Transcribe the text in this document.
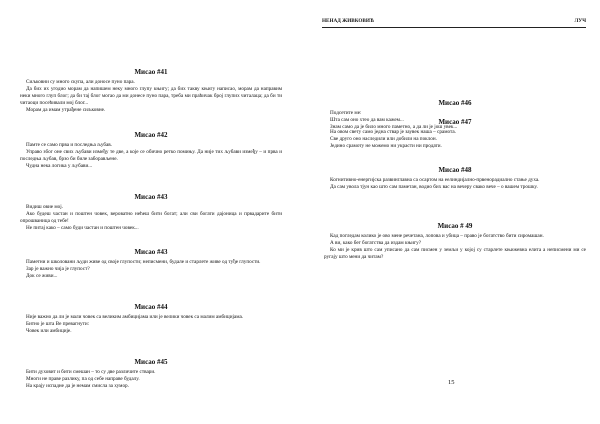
Мисао #41

Сиљковни су много скупа, али доносе пуно пара.

Да бих их угодио морам да напишем неку много глупу књигу; да бих такву књигу написао, морам да направим неки много глуп блог; да би тај блог могао да ми донесе пуно пара, треба ми праћичак број глупих читалаца; да би ти читаоци посећивали мој блог...

Морам да имам утрађене сиљковне.

Мисао #42

Памте се само прва и последња љубав.

Управо због оне свих љубави између те две, а које се обично ретко помињу. Да није тих љубави између – и прва и последња љубав, брзо би биле заборављене.

Чудна нека логика у љубави...

Мисао #43

Видиш овие мој.

Ако будеш частан и поштен човек, вероватно нећеш бити богат; али сви богати дајоница и првадарите бити опрошваница од тебе!

Не питај како – само буди частан и поштен човек...

Мисао #43

Паметни и школовани људи живе од своје глупости; неписмени, будале и старлете живе од туђе глупости.

Зар је важно чија је глупост?

Док се живи...

Мисао #44

Није важно да ли је мали човек са великим амбицијама или је велики човек са малим амбицијама.

Битно је шта Ве превагнути:

Човек или амбиције.

Мисао #45

Бити духовит и бити смешан – то су две различите ствари.

Многи не праве разлику, па од себе направе будалу.

На крају испадне да је немам смисла за хумор.

НЕНАД ЖИВКОВИЋ	ЛУЧ
Мисао #46

Подсетите ме:

Шта сам оно хтео да вам кажем...

Знам само да је било много паметно, а да ли је још увек...

Мисао #47

На овом свету само једна ствар је заувек наша – срамота.

Све друго оно наследили или добили на поклон.

Једино срамоту не можемо ни украсти ни продати.

Мисао #48

Когнитивно-енергијска развинглавна са осартом на еелиндијално-првенорадиално стање духа.

Да сам увола тјун као што сам паметан, водио бих вас на вечеру свако вече – о вашем трошку.

Мисао # 49

Кад погледам колико је ово мене речетана, лопова и убица – право је богатство бити сиромашан.

А ви, како бег богатства да издам књигу?

Ко ми је крив што сам уписано да сам писмен у земљи у којој су старлете књижевна елита а неписмени ми се ругају што мени да читам?

15
